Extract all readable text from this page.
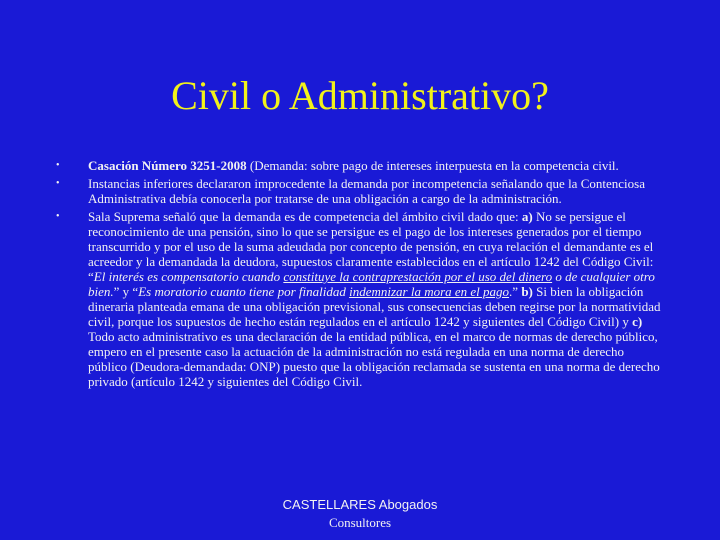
Civil o Administrativo?
•	Casación Número 3251-2008 (Demanda: sobre pago de intereses interpuesta en la competencia civil.
•	Instancias inferiores declararon improcedente la demanda por incompetencia señalando que la Contenciosa Administrativa debía conocerla por tratarse de una obligación a cargo de la administración.
•	Sala Suprema señaló que la demanda es de competencia del ámbito civil dado que: a) No se persigue el reconocimiento de una pensión, sino lo que se persigue es el pago de los intereses generados por el tiempo transcurrido y por el uso de la suma adeudada por concepto de pensión, en cuya relación el demandante es el acreedor y la demandada la deudora, supuestos claramente establecidos en el artículo 1242 del Código Civil: “El interés es compensatorio cuando constituye la contraprestación por el uso del dinero o de cualquier otro bien.” y “Es moratorio cuanto tiene por finalidad indemnizar la mora en el pago.” b) Si bien la obligación dineraria planteada emana de una obligación previsional, sus consecuencias deben regirse por la normatividad civil, porque los supuestos de hecho están regulados en el artículo 1242 y siguientes del Código Civil) y c) Todo acto administrativo es una declaración de la entidad pública, en el marco de normas de derecho público, empero en el presente caso la actuación de la administración no está regulada en una norma de derecho público (Deudora-demandada: ONP) puesto que la obligación reclamada se sustenta en una norma de derecho privado (artículo 1242 y siguientes del Código Civil.
CASTELLARES Abogados
Consultores
